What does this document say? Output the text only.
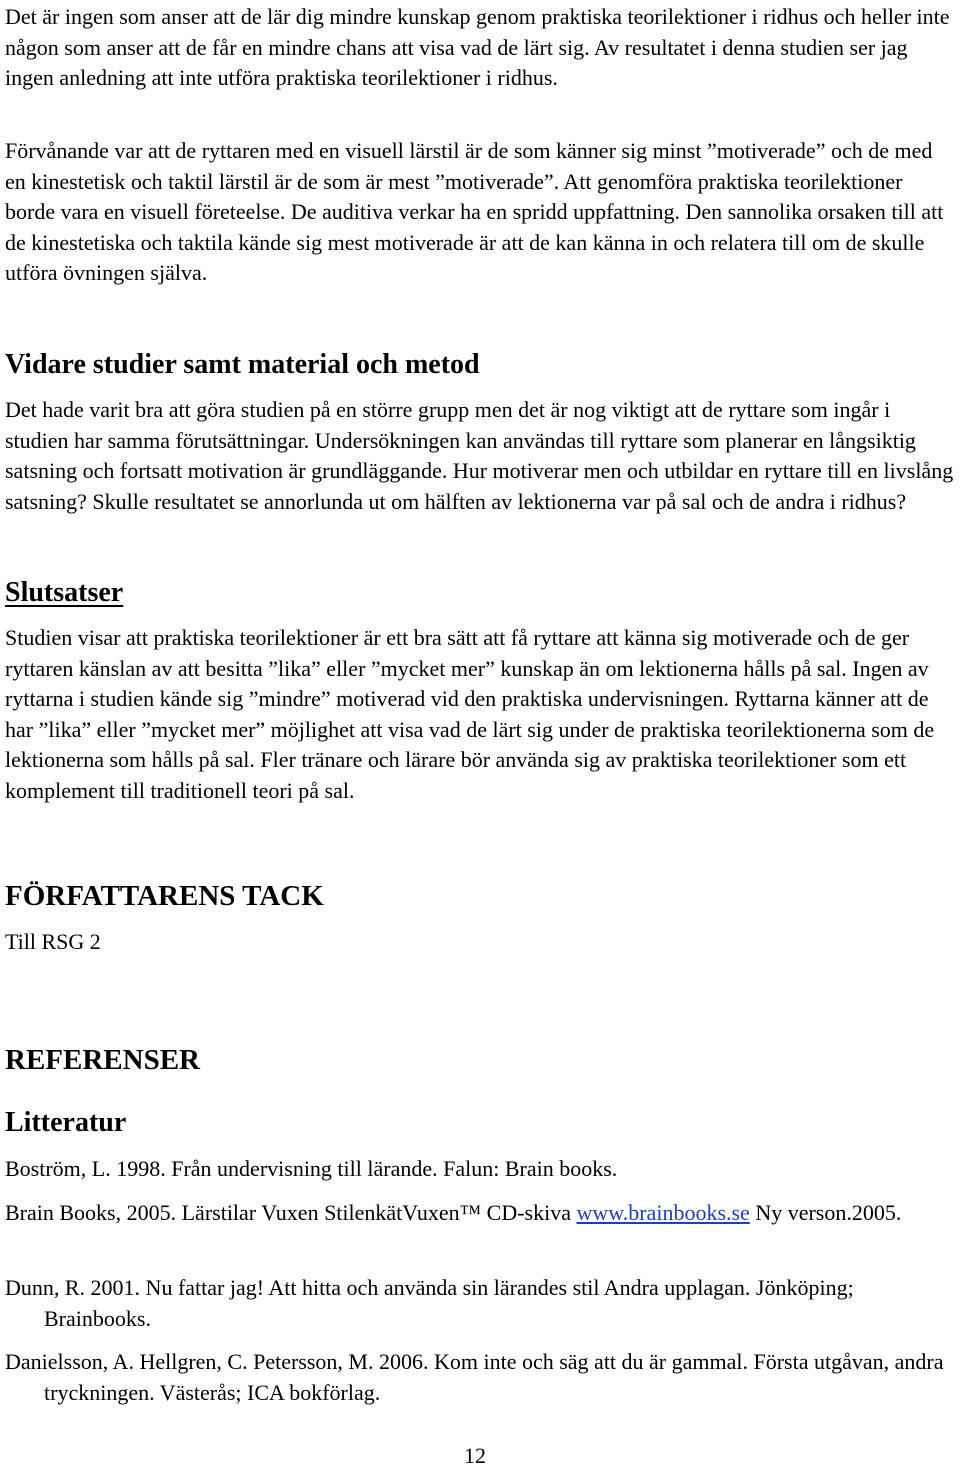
Det är ingen som anser att de lär dig mindre kunskap genom praktiska teorilektioner i ridhus och heller inte någon som anser att de får en mindre chans att visa vad de lärt sig. Av resultatet i denna studien ser jag ingen anledning att inte utföra praktiska teorilektioner i ridhus.

Förvånande var att de ryttaren med en visuell lärstil är de som känner sig minst ”motiverade” och de med en kinestetisk och taktil lärstil är de som är mest ”motiverade”. Att genomföra praktiska teorilektioner borde vara en visuell företeelse. De auditiva verkar ha en spridd uppfattning. Den sannolika orsaken till att de kinestetiska och taktila kände sig mest motiverade är att de kan känna in och relatera till om de skulle utföra övningen själva.

Vidare studier samt material och metod

Det hade varit bra att göra studien på en större grupp men det är nog viktigt att de ryttare som ingår i studien har samma förutsättningar. Undersökningen kan användas till ryttare som planerar en långsiktig satsning och fortsatt motivation är grundläggande. Hur motiverar men och utbildar en ryttare till en livslång satsning? Skulle resultatet se annorlunda ut om hälften av lektionerna var på sal och de andra i ridhus?

Slutsatser

Studien visar att praktiska teorilektioner är ett bra sätt att få ryttare att känna sig motiverade och de ger ryttaren känslan av att besitta ”lika” eller ”mycket mer” kunskap än om lektionerna hålls på sal. Ingen av ryttarna i studien kände sig ”mindre” motiverad vid den praktiska undervisningen. Ryttarna känner att de har ”lika” eller ”mycket mer” möjlighet att visa vad de lärt sig under de praktiska teorilektionerna som de lektionerna som hålls på sal. Fler tränare och lärare bör använda sig av praktiska teorilektioner som ett komplement till traditionell teori på sal.

FÖRFATTARENS TACK

Till RSG 2

REFERENSER
Litteratur
Boström, L. 1998. Från undervisning till lärande. Falun: Brain books.
Brain Books, 2005. Lärstilar Vuxen StilenkätVuxen™ CD-skiva www.brainbooks.se Ny verson.2005.
Dunn, R. 2001. Nu fattar jag! Att hitta och använda sin lärandes stil Andra upplagan. Jönköping; Brainbooks.
Danielsson, A. Hellgren, C. Petersson, M. 2006. Kom inte och säg att du är gammal. Första utgåvan, andra tryckningen. Västerås; ICA bokförlag.
12
